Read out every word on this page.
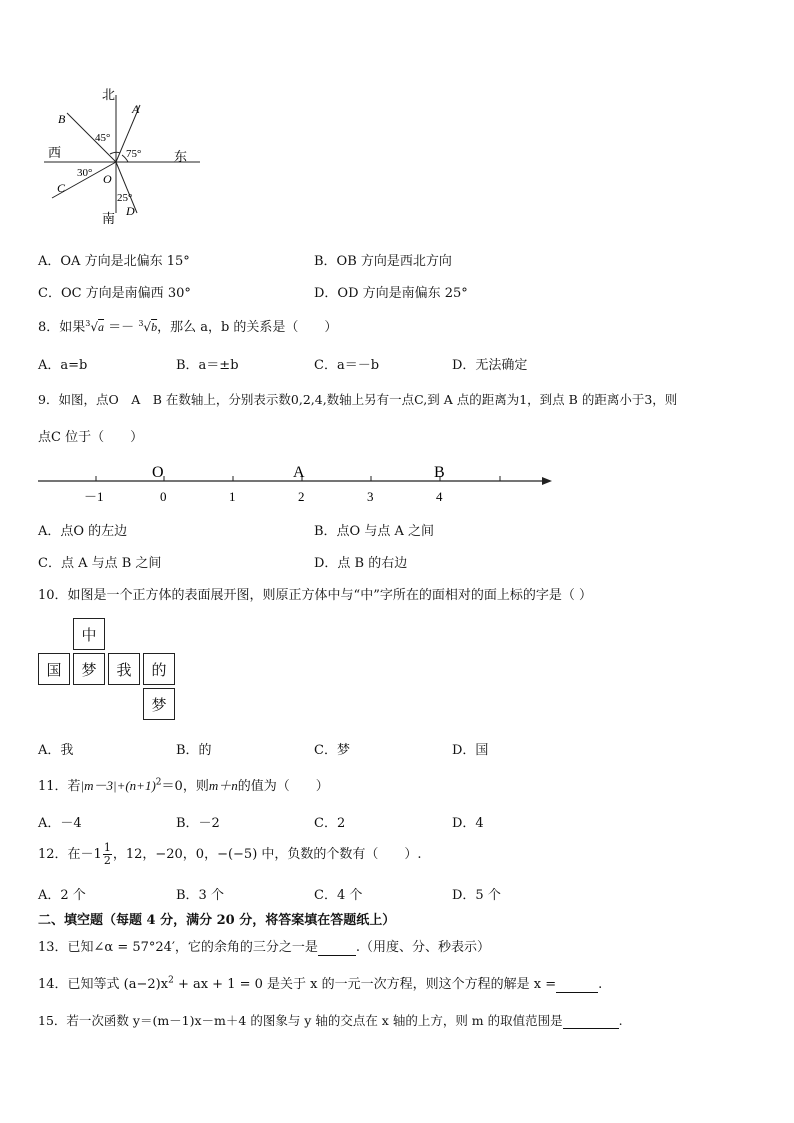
北
南
西	东
A
B
C
D
O
45°
75°
30°
25°
A．OA 方向是北偏东 15°	B．OB 方向是西北方向
C．OC 方向是南偏西 30°	D．OD 方向是南偏东 25°
8．如果$^3$√a ＝－ $^3$√b，那么 a，b 的关系是（　　）
A．a=b	B．a＝±b	C．a＝－b	D．无法确定
9．如图，点O　A　B 在数轴上，分别表示数0,2,4,数轴上另有一点C,到 A 点的距离为1，到点 B 的距离小于3，则
点C 位于（　　）
－1	0	1	2	3	4
O	A	B
A．点O 的左边	B．点O 与点 A 之间
C．点 A 与点 B 之间	D．点 B 的右边
10．如图是一个正方体的表面展开图，则原正方体中与“中”字所在的面相对的面上标的字是（ ）
中
国	梦	我	的
梦
A．我	B．的	C．梦	D．国
11．若$|m-3|+(n+1)^2=0$，则m＋n的值为（　　）
A．－4	B．－2	C．2	D．4
12．在$-1 \frac{1}{2}$ ，12，−20，0，−(−5) 中，负数的个数有（　　）.
A．2 个	B．3 个	C．4 个	D．5 个
二、填空题（每题 4 分，满分 20 分，将答案填在答题纸上）
13．已知∠α = 57°24′，它的余角的三分之一是	.（用度、分、秒表示）
14．已知等式 $(a-2)x^2$ + ax + 1 = 0 是关于 x 的一元一次方程，则这个方程的解是 x =	.
15．若一次函数 y＝(m－1)x－m＋4 的图象与 y 轴的交点在 x 轴的上方，则 m 的取值范围是	.
